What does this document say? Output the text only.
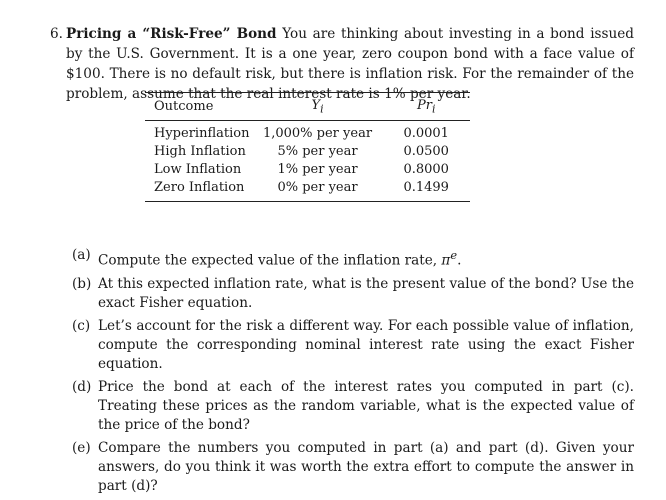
6. Pricing a “Risk-Free” Bond You are thinking about investing in a bond issued by the U.S. Government. It is a one year, zero coupon bond with a face value of $100. There is no default risk, but there is inflation risk. For the remainder of the problem, assume that the real interest rate is 1% per year.

Outcome	$Y_i$	$Pr_i$
Hyperinflation	1,000% per year	0.0001
High Inflation	5% per year	0.0500
Low Inflation	1% per year	0.8000
Zero Inflation	0% per year	0.1499
(a) Compute the expected value of the inflation rate, $\pi^e$.
(b) At this expected inflation rate, what is the present value of the bond? Use the exact Fisher equation.
(c) Let’s account for the risk a different way. For each possible value of inflation, compute the corresponding nominal interest rate using the exact Fisher equation.
(d) Price the bond at each of the interest rates you computed in part (c). Treating these prices as the random variable, what is the expected value of the price of the bond?
(e) Compare the numbers you computed in part (a) and part (d). Given your answers, do you think it was worth the extra effort to compute the answer in part (d)?
